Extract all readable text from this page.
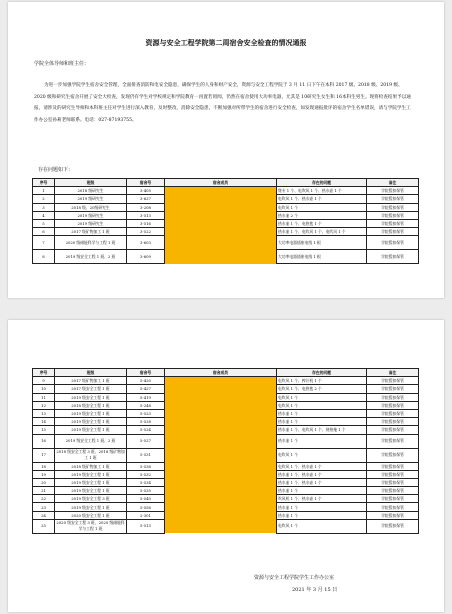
资源与安全工程学院第二周宿舍安全检查的情况通报
学院全体导师和班主任：
为进一步加强学院学生宿舍安全管理，全面排查消防和电安全隐患，确保学生的人身和财产安全，资源与安全工程学院于 3 月 11 日下午在本科 2017 级、2018 级、2019 级、2020 级和研究生宿舍开展了安全大检查，发现仍有学生对学校规定和学院教育一再置若罔闻，仍然在宿舍使用大功率电器，尤其是 10研究生女生和 16本科生男生。现将检查结果予以通报，请涉及的研究生导师和本科班主任对学生进行深入教育，及时整改，消除安全隐患，不断加强对所带学生的宿舍进行安全检查，如发现通报批评的宿舍学生名单错误，请与学院学生工作办公室孙莉老师联系。电话：027-87193755。
存在问题如下：
序号	班级	宿舍号	宿舍成员	存在的问题	备注
1	2018 级研究生	3-405		煲专 1 个、电吹风 1 个、热水壶 1 个	学院暂扣保管
2	2019 级研究生	3-627		电吹风 1 个、热水壶 1 个	学院暂扣保管
3	2018 级、20级研究生	3-208		电吹风 1 个	学院暂扣保管
4	2019 级研究生	3-513		热水壶 2 个	学院暂扣保管
5	2019 级研究生	3-516		热水壶 1 个、电热毯 1 个	学院暂扣保管
6	2017 级矿物加工 1 班	3-522		热水壶 1 个、电吹风 1 个、电吹风 1 个	学院暂扣保管
7	2020 级储能科学与工程 1 班	3-603		大功率电器插座电线 1 根	学院暂扣保管
8	2019 级安全工程 1 班、2 班	3-609		大功率电器插座电线 1 根	学院暂扣保管
序号	班级	宿舍号	宿舍成员	存在的问题	备注
9	2017 级矿物加工 1 班	5-420		电吹风 1 个、榨汁机 1 个	学院暂扣保管
10	2017 级安全工程 1 班	5-427		电吹风 1 个、电热毯 2 个	学院暂扣保管
11	2019 级安全工程 1 班	5-419		电吹风 1 个	学院暂扣保管
12	2018 级安全工程 1 班	5-248		电吹风 1 个	学院暂扣保管
13	2019 级安全工程 1 班	5-523		热水壶 1 个	学院暂扣保管
14	2019 级安全工程 1 班	5-528		热水壶 1 个	学院暂扣保管
15	2019 级安全工程 1 班	5-524		热水壶 1 个、电吹风 1 个、规格拖 1 个	学院暂扣保管
16	2019 级安全工程 1 班、2 班	5-527		热水壶 1 个	学院暂扣保管
17	2018 级安全工程 3 班、2018 级矿物加工 1 班	5-531		电吹风 1 个	学院暂扣保管
18	2018 级矿物加工 1 班	5-536		电吹风 1 个、热水壶 1 个	学院暂扣保管
19	2019 级安全工程 1 班	5-532		热水壶 1 个、热水壶 1 个	学院暂扣保管
20	2019 级安全工程 1 班	5-534		热水壶 1 个、热水壶 1 个	学院暂扣保管
21	2019 级安全工程 1 班	5-535		热水壶 1 个	学院暂扣保管
22	2019 级安全工程 3 班	5-540		吹风机 1 个、热水壶 1 个	学院暂扣保管
23	2019 级安全工程 1 班	5-556		热水壶 1 个	学院暂扣保管
24	2020 级安全工程 1 班	2-301		热水壶 1 个	学院暂扣保管
25	2020 级安全工程 3 班、2020 级储能科学与工程 1 班	5-513		电吹风 1 个	学院暂扣保管
资源与安全工程学院学生工作办公室
2021 年 3 月 15 日
